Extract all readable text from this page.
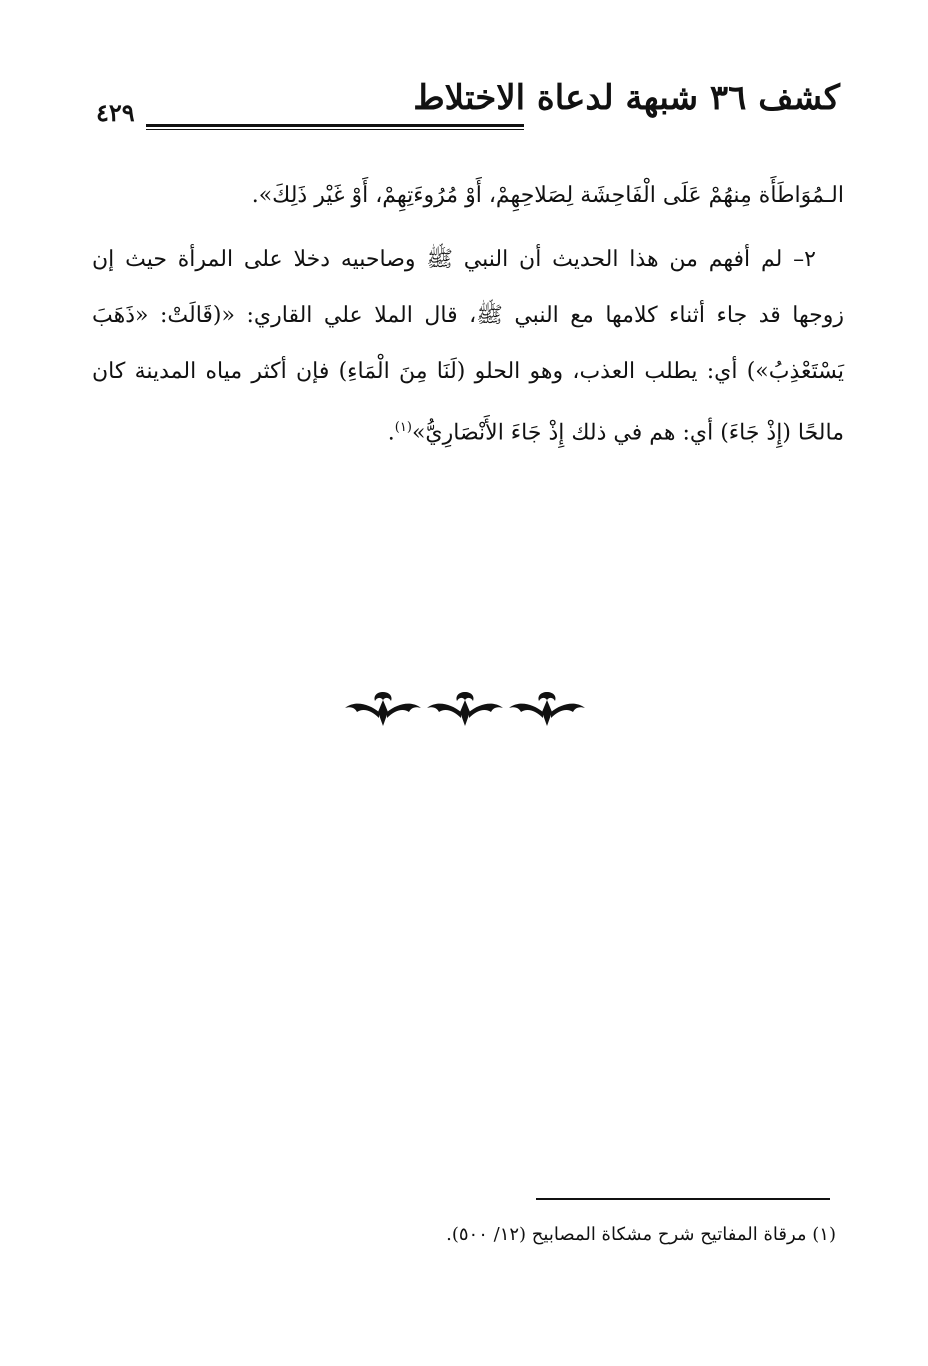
كشف ٣٦ شبهة لدعاة الاختلاط
٤٢٩

الـمُوَاطَأَة مِنهُمْ عَلَى الْفَاحِشَة لِصَلاحِهِمْ، أَوْ مُرُوءَتِهِمْ، أَوْ غَيْر ذَلِكَ».

٢– لم أفهم من هذا الحديث أن النبي ﷺ وصاحبيه دخلا على المرأة حيث إن زوجها قد جاء أثناء كلامها مع النبي ﷺ، قال الملا علي القاري: «(قَالَتْ: «ذَهَبَ يَسْتَعْذِبُ») أي: يطلب العذب، وهو الحلو (لَنَا مِنَ الْمَاءِ) فإن أكثر مياه المدينة كان مالحًا (إِذْ جَاءَ) أي: هم في ذلك إِذْ جَاءَ الأَنْصَارِيُّ»$^{(١)}$.

(١) مرقاة المفاتيح شرح مشكاة المصابيح (١٢/ ٥٠٠).
